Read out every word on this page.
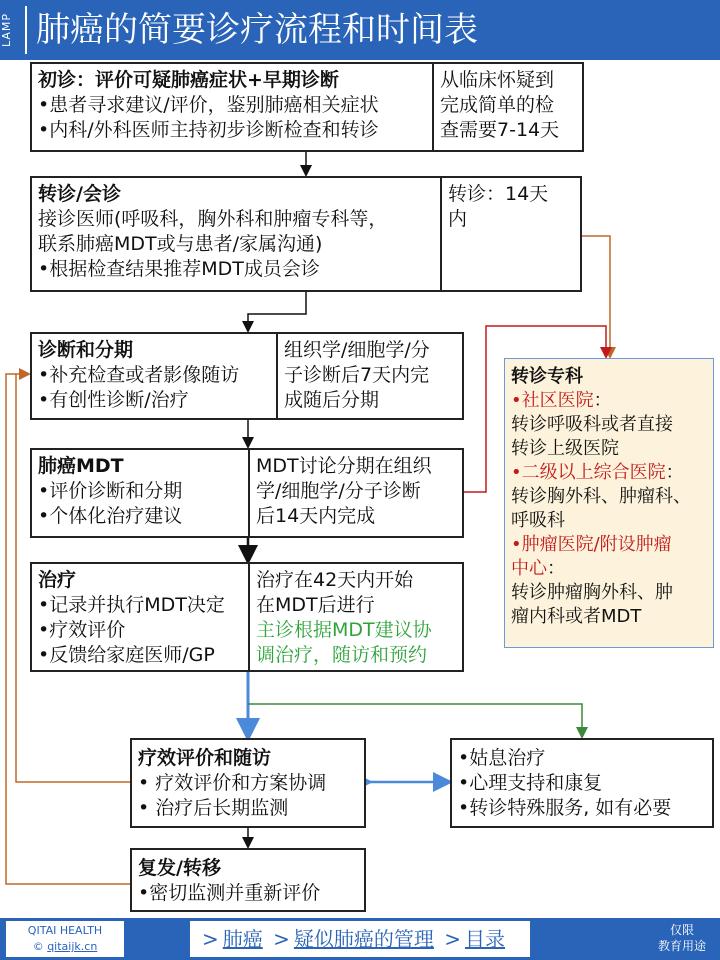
LAMP 肺癌的简要诊疗流程和时间表
初诊：评价可疑肺癌症状+早期诊断
•患者寻求建议/评价，鉴别肺癌相关症状
•内科/外科医师主持初步诊断检查和转诊
从临床怀疑到
完成简单的检
查需要7-14天
转诊/会诊
接诊医师(呼吸科，胸外科和肿瘤专科等，
联系肺癌MDT或与患者/家属沟通)
•根据检查结果推荐MDT成员会诊
转诊：14天
内
诊断和分期
•补充检查或者影像随访
•有创性诊断/治疗
组织学/细胞学/分
子诊断后7天内完
成随后分期
肺癌MDT
•评价诊断和分期
•个体化治疗建议
MDT讨论分期在组织
学/细胞学/分子诊断
后14天内完成
治疗
•记录并执行MDT决定
•疗效评价
•反馈给家庭医师/GP
治疗在42天内开始
在MDT后进行
主诊根据MDT建议协
调治疗，随访和预约
疗效评价和随访
• 疗效评价和方案协调
• 治疗后长期监测
•姑息治疗
•心理支持和康复
•转诊特殊服务, 如有必要
复发/转移
•密切监测并重新评价
转诊专科
•社区医院：
转诊呼吸科或者直接
转诊上级医院
•二级以上综合医院：
转诊胸外科、肿瘤科、
呼吸科
•肿瘤医院/附设肿瘤
中心：
转诊肿瘤胸外科、肿
瘤内科或者MDT
QITAI HEALTH
© qitaijk.cn	> 肺癌 > 疑似肺癌的管理 > 目录	仅限
教育用途
